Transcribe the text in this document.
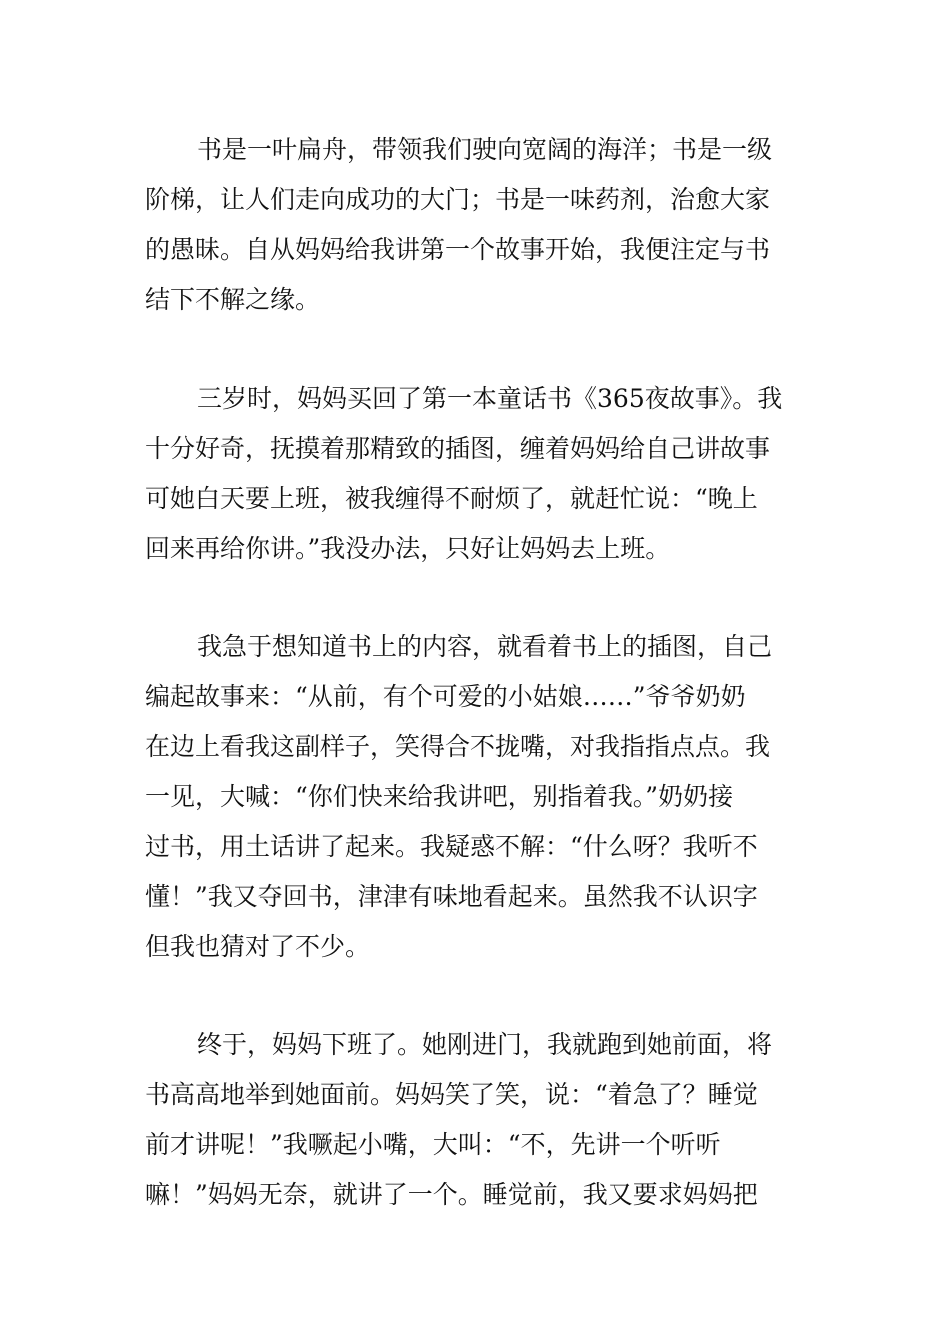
书是一叶扁舟，带领我们驶向宽阔的海洋；书是一级
阶梯，让人们走向成功的大门；书是一味药剂，治愈大家
的愚昧。自从妈妈给我讲第一个故事开始，我便注定与书
结下不解之缘。

三岁时，妈妈买回了第一本童话书《365夜故事》。我
十分好奇，抚摸着那精致的插图，缠着妈妈给自己讲故事
可她白天要上班，被我缠得不耐烦了，就赶忙说：“晚上
回来再给你讲。”我没办法，只好让妈妈去上班。

我急于想知道书上的内容，就看着书上的插图，自己
编起故事来：“从前，有个可爱的小姑娘……”爷爷奶奶
在边上看我这副样子，笑得合不拢嘴，对我指指点点。我
一见，大喊：“你们快来给我讲吧，别指着我。”奶奶接
过书，用土话讲了起来。我疑惑不解：“什么呀？我听不
懂！”我又夺回书，津津有味地看起来。虽然我不认识字
但我也猜对了不少。

终于，妈妈下班了。她刚进门，我就跑到她前面，将
书高高地举到她面前。妈妈笑了笑，说：“着急了？睡觉
前才讲呢！”我噘起小嘴，大叫：“不，先讲一个听听
嘛！”妈妈无奈，就讲了一个。睡觉前，我又要求妈妈把
